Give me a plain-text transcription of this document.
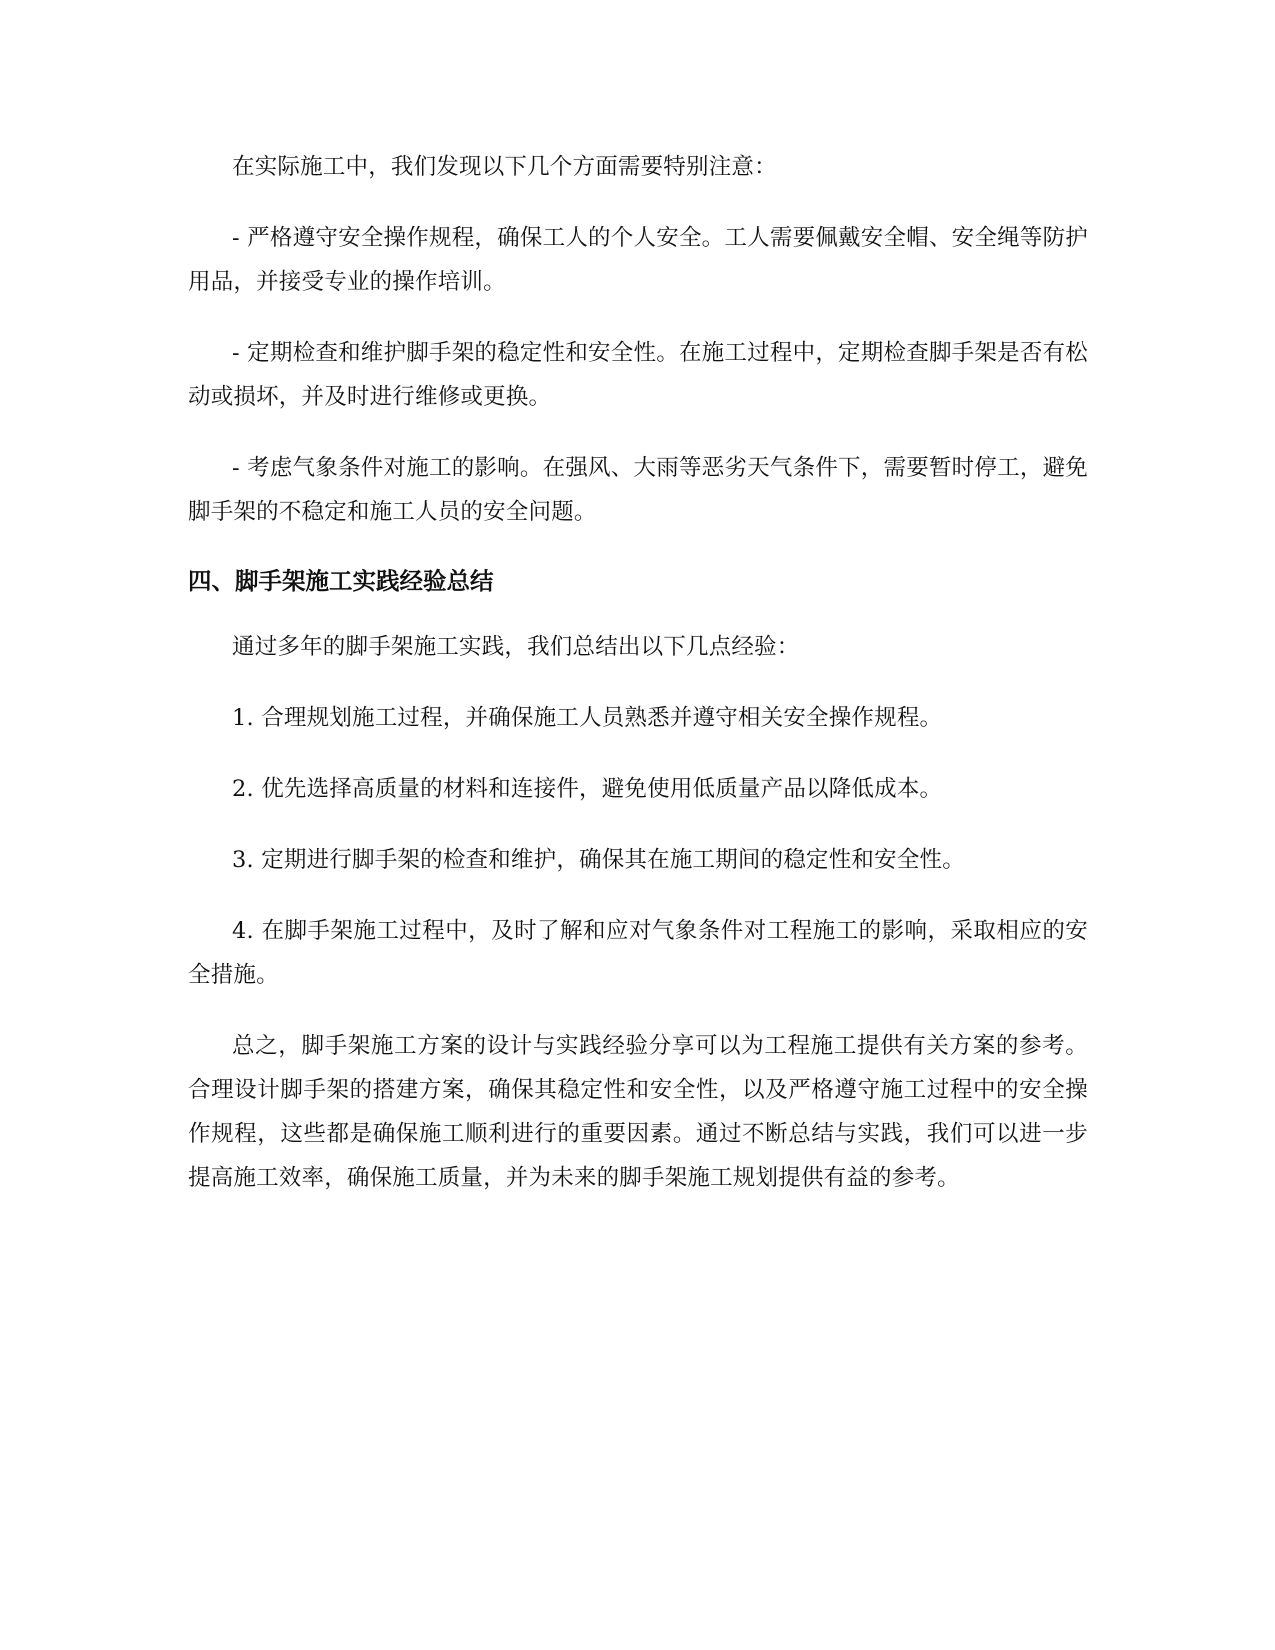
在实际施工中，我们发现以下几个方面需要特别注意：

- 严格遵守安全操作规程，确保工人的个人安全。工人需要佩戴安全帽、安全绳等防护用品，并接受专业的操作培训。

- 定期检查和维护脚手架的稳定性和安全性。在施工过程中，定期检查脚手架是否有松动或损坏，并及时进行维修或更换。

- 考虑气象条件对施工的影响。在强风、大雨等恶劣天气条件下，需要暂时停工，避免脚手架的不稳定和施工人员的安全问题。

四、脚手架施工实践经验总结

通过多年的脚手架施工实践，我们总结出以下几点经验：

1. 合理规划施工过程，并确保施工人员熟悉并遵守相关安全操作规程。

2. 优先选择高质量的材料和连接件，避免使用低质量产品以降低成本。

3. 定期进行脚手架的检查和维护，确保其在施工期间的稳定性和安全性。

4. 在脚手架施工过程中，及时了解和应对气象条件对工程施工的影响，采取相应的安全措施。

总之，脚手架施工方案的设计与实践经验分享可以为工程施工提供有关方案的参考。合理设计脚手架的搭建方案，确保其稳定性和安全性，以及严格遵守施工过程中的安全操作规程，这些都是确保施工顺利进行的重要因素。通过不断总结与实践，我们可以进一步提高施工效率，确保施工质量，并为未来的脚手架施工规划提供有益的参考。
